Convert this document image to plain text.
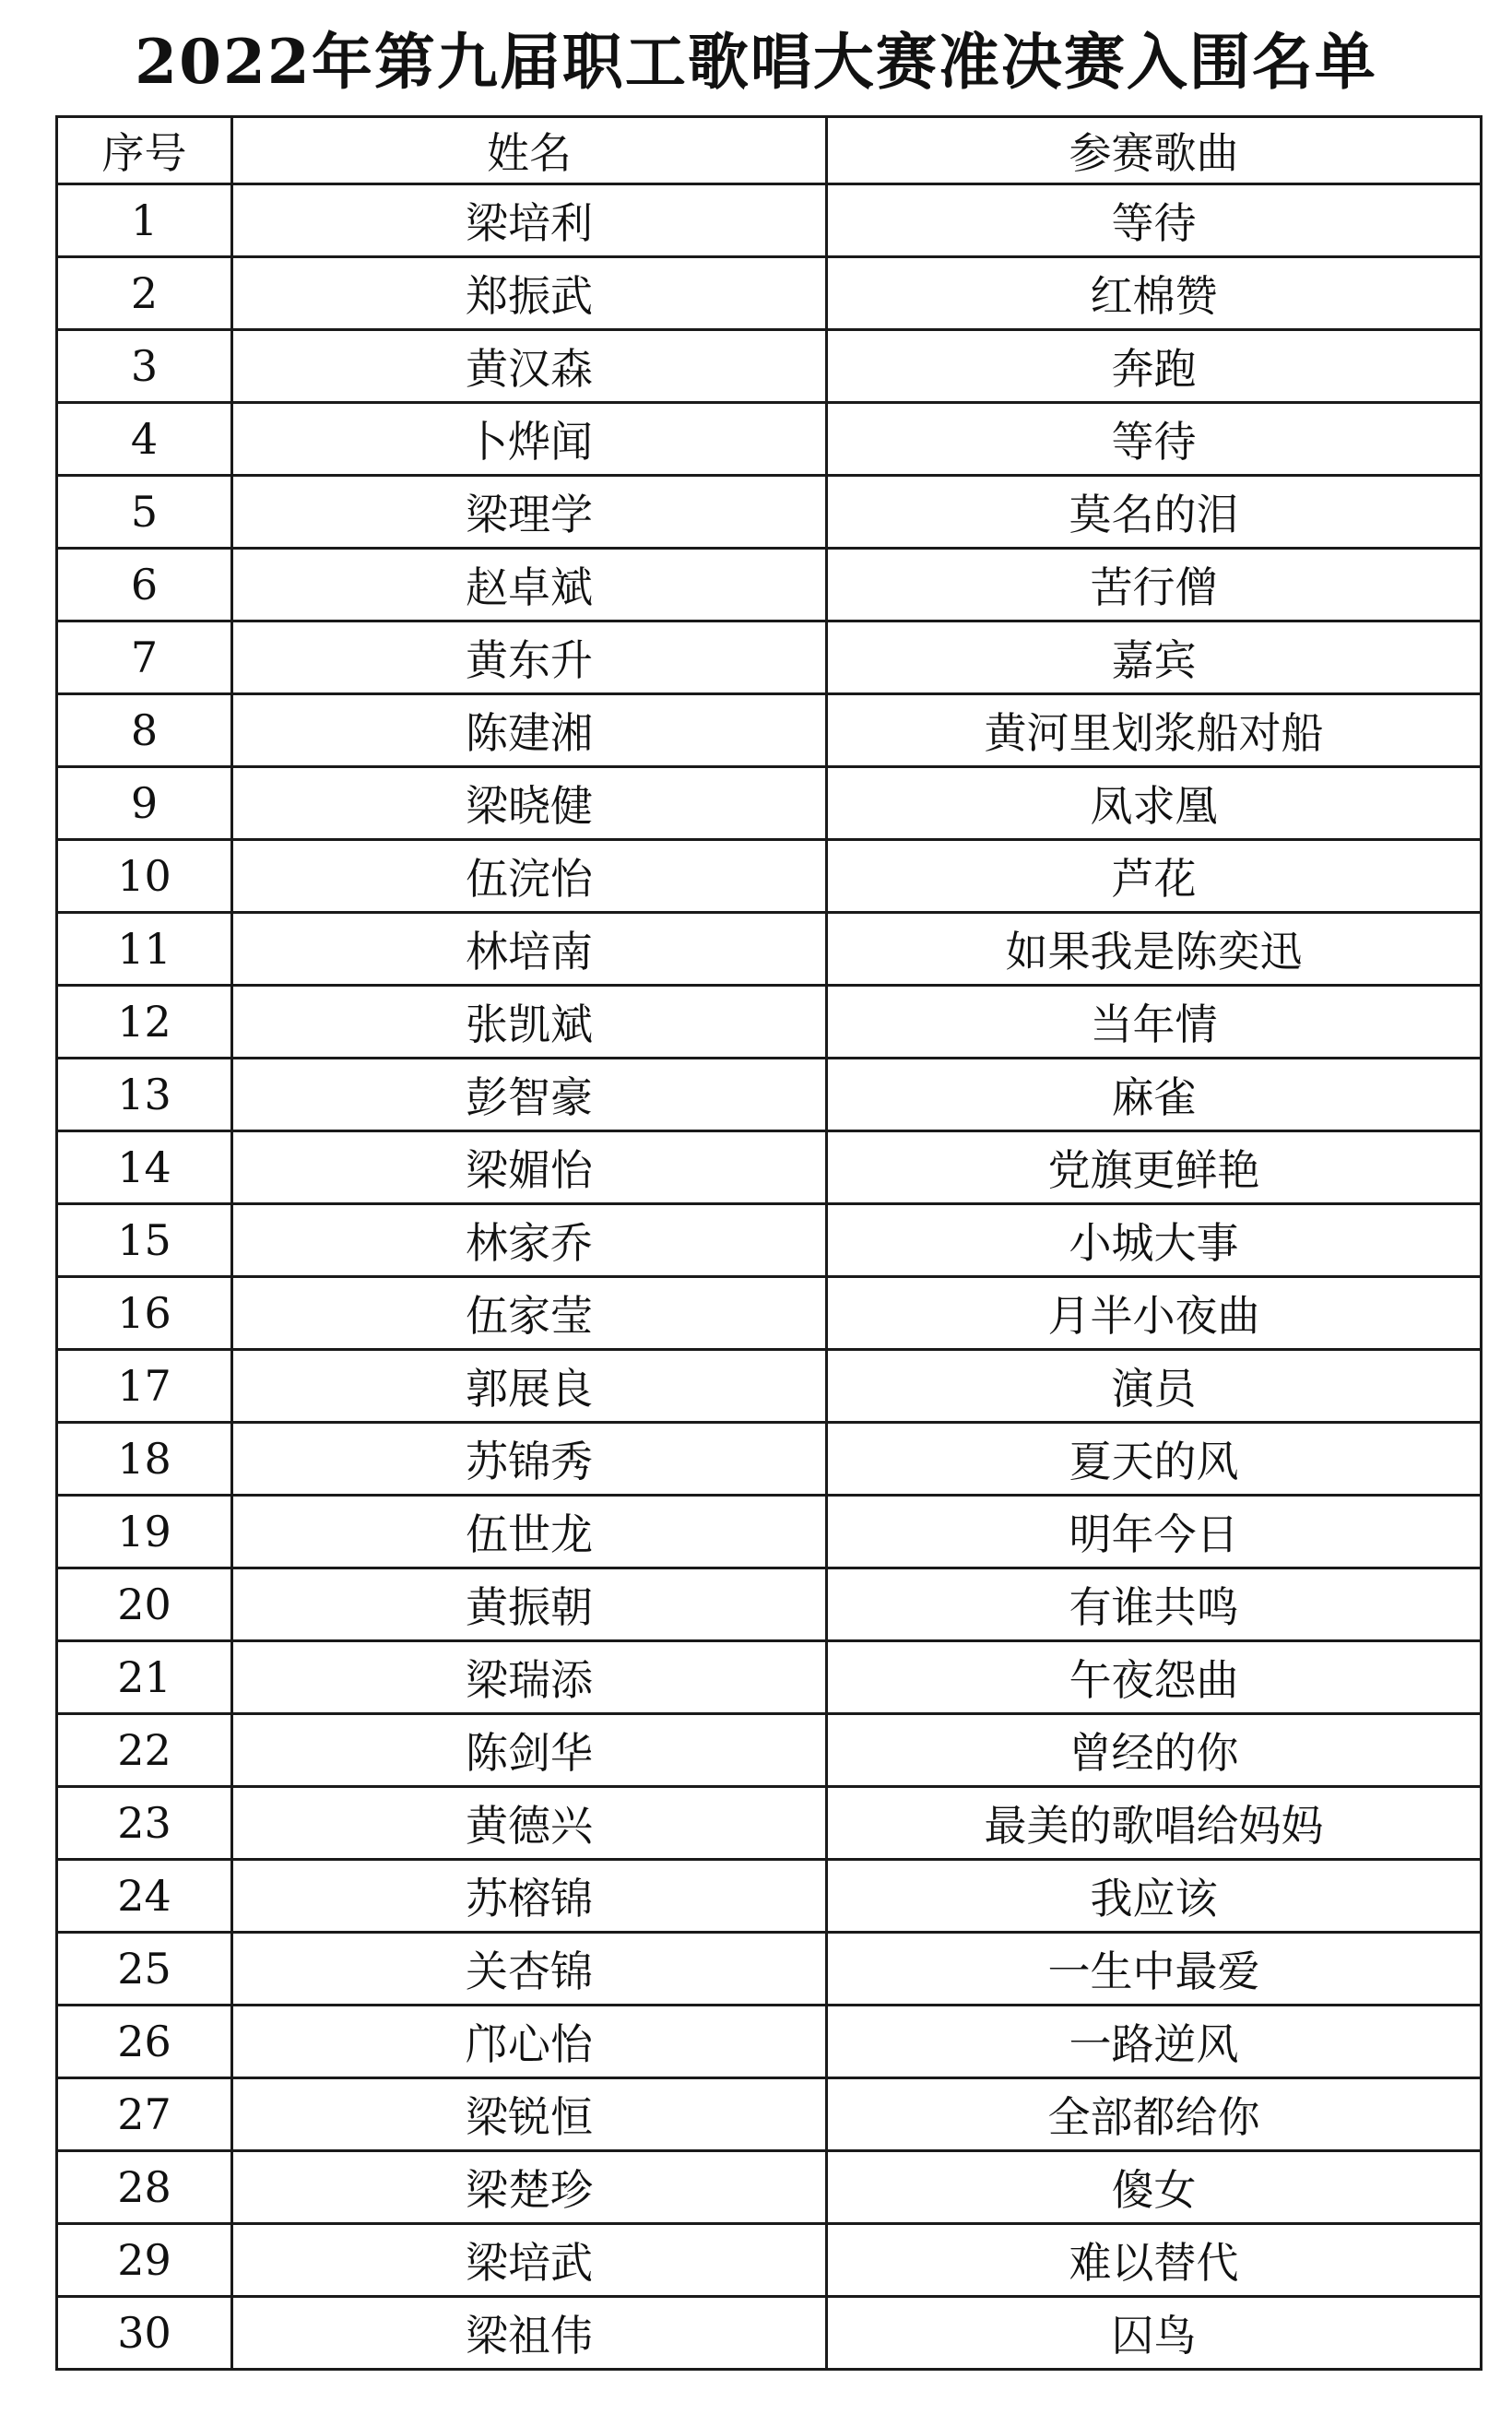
2022年第九届职工歌唱大赛准决赛入围名单
序号	姓名	参赛歌曲
1	梁培利	等待
2	郑振武	红棉赞
3	黄汉森	奔跑
4	卜烨闻	等待
5	梁理学	莫名的泪
6	赵卓斌	苦行僧
7	黄东升	嘉宾
8	陈建湘	黄河里划浆船对船
9	梁晓健	凤求凰
10	伍浣怡	芦花
11	林培南	如果我是陈奕迅
12	张凯斌	当年情
13	彭智豪	麻雀
14	梁媚怡	党旗更鲜艳
15	林家乔	小城大事
16	伍家莹	月半小夜曲
17	郭展良	演员
18	苏锦秀	夏天的风
19	伍世龙	明年今日
20	黄振朝	有谁共鸣
21	梁瑞添	午夜怨曲
22	陈剑华	曾经的你
23	黄德兴	最美的歌唱给妈妈
24	苏榕锦	我应该
25	关杏锦	一生中最爱
26	邝心怡	一路逆风
27	梁锐恒	全部都给你
28	梁楚珍	傻女
29	梁培武	难以替代
30	梁祖伟	囚鸟
